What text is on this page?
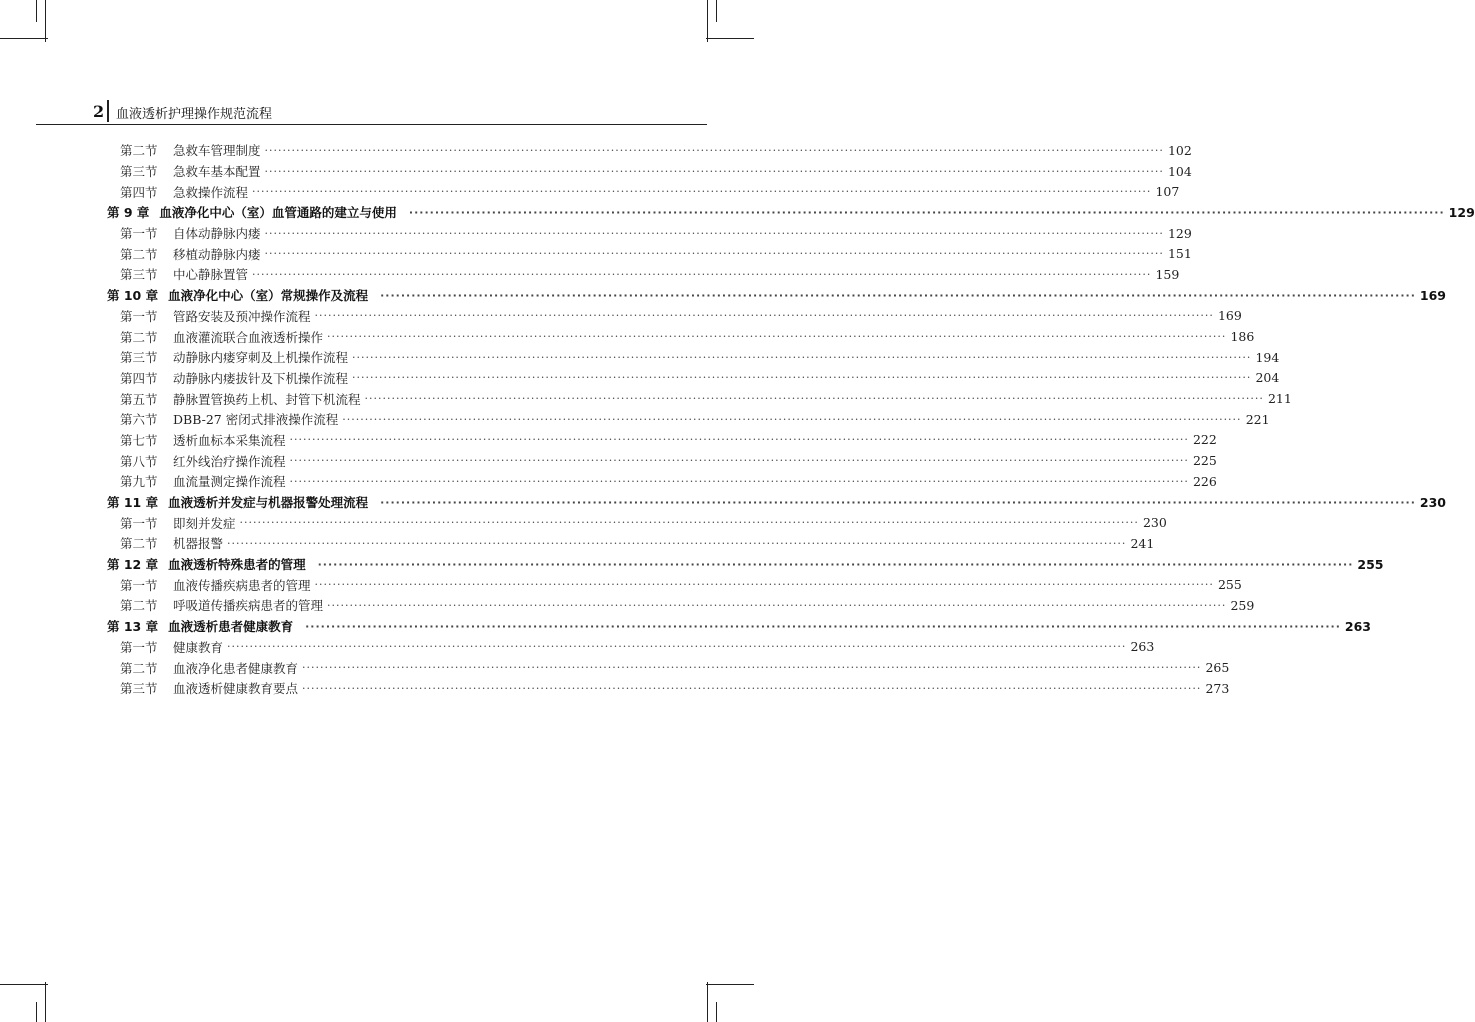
2 血液透析护理操作规范流程
第二节	急救车管理制度 ········································································································································································································ 102
第三节	急救车基本配置 ········································································································································································································ 104
第四节	急救操作流程 ········································································································································································································ 107
第 9 章 血液净化中心（室）血管通路的建立与使用 ········································································································································································································ 129
第一节	自体动静脉内瘘 ········································································································································································································ 129
第二节	移植动静脉内瘘 ········································································································································································································ 151
第三节	中心静脉置管 ········································································································································································································ 159
第 10 章 血液净化中心（室）常规操作及流程 ········································································································································································································ 169
第一节	管路安装及预冲操作流程 ········································································································································································································ 169
第二节	血液灌流联合血液透析操作 ········································································································································································································ 186
第三节	动静脉内瘘穿刺及上机操作流程 ········································································································································································································ 194
第四节	动静脉内瘘拔针及下机操作流程 ········································································································································································································ 204
第五节	静脉置管换药上机、封管下机流程 ········································································································································································································ 211
第六节	DBB-27 密闭式排液操作流程 ········································································································································································································ 221
第七节	透析血标本采集流程 ········································································································································································································ 222
第八节	红外线治疗操作流程 ········································································································································································································ 225
第九节	血流量测定操作流程 ········································································································································································································ 226
第 11 章 血液透析并发症与机器报警处理流程 ········································································································································································································ 230
第一节	即刻并发症 ········································································································································································································ 230
第二节	机器报警 ········································································································································································································ 241
第 12 章 血液透析特殊患者的管理 ········································································································································································································ 255
第一节	血液传播疾病患者的管理 ········································································································································································································ 255
第二节	呼吸道传播疾病患者的管理 ········································································································································································································ 259
第 13 章 血液透析患者健康教育 ········································································································································································································ 263
第一节	健康教育 ········································································································································································································ 263
第二节	血液净化患者健康教育 ········································································································································································································ 265
第三节	血液透析健康教育要点 ········································································································································································································ 273
